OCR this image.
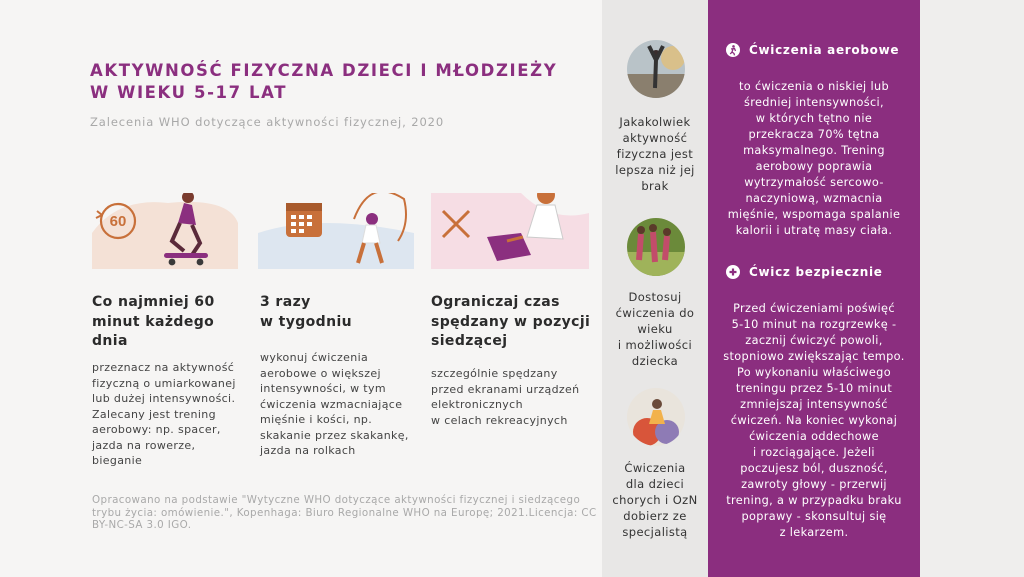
AKTYWNOŚĆ FIZYCZNA DZIECI I MŁODZIEŻY
W WIEKU 5-17 LAT
Zalecenia WHO dotyczące aktywności fizycznej, 2020
60
Co najmniej 60
minut każdego
dnia
przeznacz na aktywność
fizyczną o umiarkowanej
lub dużej intensywności.
Zalecany jest trening
aerobowy: np. spacer,
jazda na rowerze,
bieganie
3 razy
w tygodniu
wykonuj ćwiczenia
aerobowe o większej
intensywności, w tym
ćwiczenia wzmacniające
mięśnie i kości, np.
skakanie przez skakankę,
jazda na rolkach
Ograniczaj czas
spędzany w pozycji
siedzącej
szczególnie spędzany
przed ekranami urządzeń
elektronicznych
w celach rekreacyjnych
Opracowano na podstawie "Wytyczne WHO dotyczące aktywności fizycznej i siedzącego trybu życia: omówienie.", Kopenhaga: Biuro Regionalne WHO na Europę; 2021.Licencja: CC BY-NC-SA 3.0 IGO.
Jakakolwiek
aktywność
fizyczna jest
lepsza niż jej
brak
Dostosuj
ćwiczenia do
wieku
i możliwości
dziecka
Ćwiczenia
dla dzieci
chorych i OzN
dobierz ze
specjalistą
Ćwiczenia aerobowe
to ćwiczenia o niskiej lub
średniej intensywności,
w których tętno nie
przekracza 70% tętna
maksymalnego. Trening
aerobowy poprawia
wytrzymałość sercowo-
naczyniową, wzmacnia
mięśnie, wspomaga spalanie
kalorii i utratę masy ciała.
Ćwicz bezpiecznie
Przed ćwiczeniami poświęć
5-10 minut na rozgrzewkę -
zacznij ćwiczyć powoli,
stopniowo zwiększając tempo.
Po wykonaniu właściwego
treningu przez 5-10 minut
zmniejszaj intensywność
ćwiczeń. Na koniec wykonaj
ćwiczenia oddechowe
i rozciągające. Jeżeli
poczujesz ból, duszność,
zawroty głowy - przerwij
trening, a w przypadku braku
poprawy - skonsultuj się
z lekarzem.
